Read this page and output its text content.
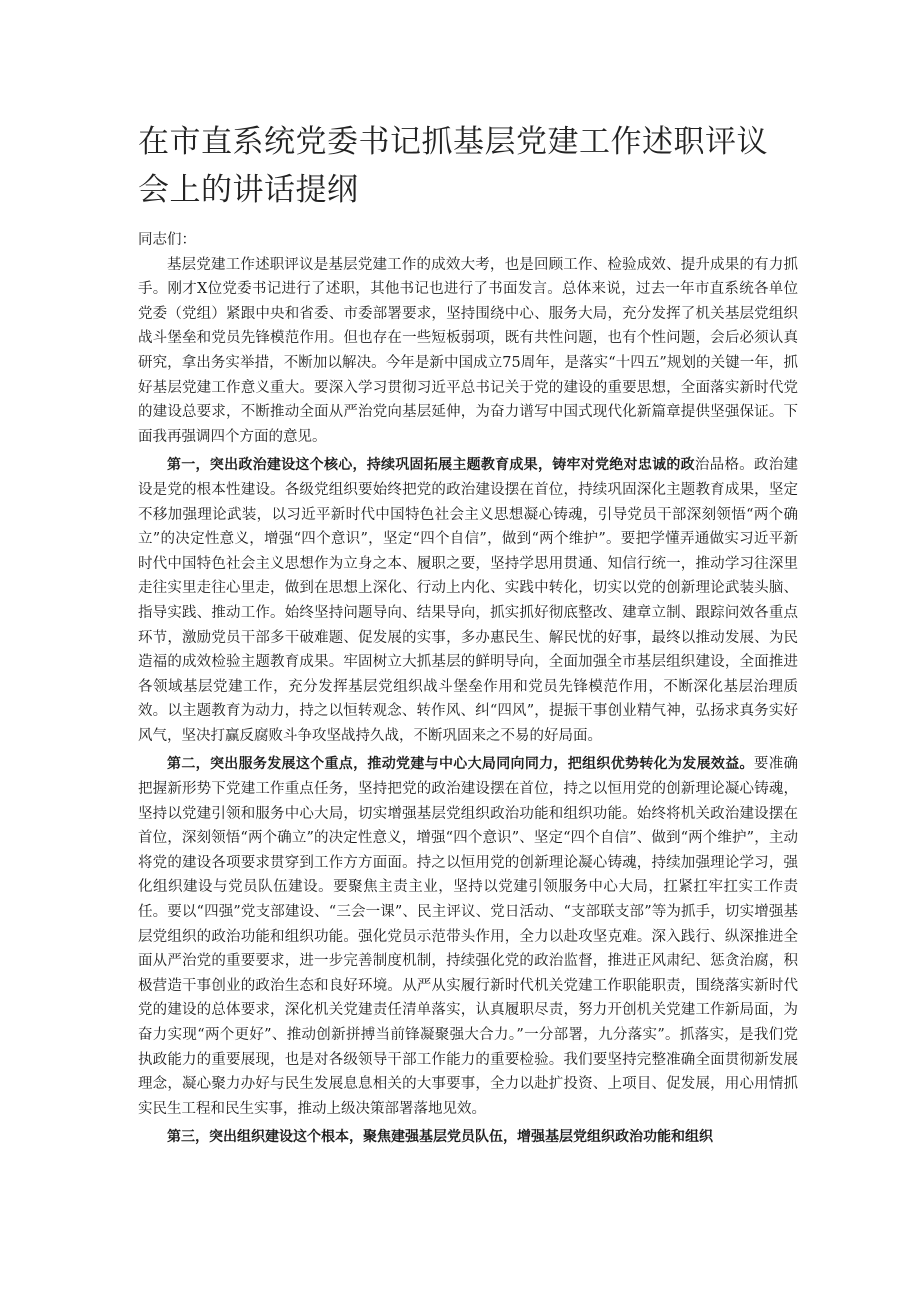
在市直系统党委书记抓基层党建工作述职评议会上的讲话提纲

同志们：

基层党建工作述职评议是基层党建工作的成效大考，也是回顾工作、检验成效、提升成果的有力抓手。刚才X位党委书记进行了述职，其他书记也进行了书面发言。总体来说，过去一年市直系统各单位党委（党组）紧跟中央和省委、市委部署要求，坚持围绕中心、服务大局，充分发挥了机关基层党组织战斗堡垒和党员先锋模范作用。但也存在一些短板弱项，既有共性问题，也有个性问题，会后必须认真研究，拿出务实举措，不断加以解决。今年是新中国成立75周年，是落实“十四五”规划的关键一年，抓好基层党建工作意义重大。要深入学习贯彻习近平总书记关于党的建设的重要思想，全面落实新时代党的建设总要求，不断推动全面从严治党向基层延伸，为奋力谱写中国式现代化新篇章提供坚强保证。下面我再强调四个方面的意见。

第一，突出政治建设这个核心，持续巩固拓展主题教育成果，铸牢对党绝对忠诚的政治品格。政治建设是党的根本性建设。各级党组织要始终把党的政治建设摆在首位，持续巩固深化主题教育成果，坚定不移加强理论武装，以习近平新时代中国特色社会主义思想凝心铸魂，引导党员干部深刻领悟“两个确立”的决定性意义，增强“四个意识”，坚定“四个自信”，做到“两个维护”。要把学懂弄通做实习近平新时代中国特色社会主义思想作为立身之本、履职之要，坚持学思用贯通、知信行统一，推动学习往深里走往实里走往心里走，做到在思想上深化、行动上内化、实践中转化，切实以党的创新理论武装头脑、指导实践、推动工作。始终坚持问题导向、结果导向，抓实抓好彻底整改、建章立制、跟踪问效各重点环节，激励党员干部多干破难题、促发展的实事，多办惠民生、解民忧的好事，最终以推动发展、为民造福的成效检验主题教育成果。牢固树立大抓基层的鲜明导向，全面加强全市基层组织建设，全面推进各领域基层党建工作，充分发挥基层党组织战斗堡垒作用和党员先锋模范作用，不断深化基层治理质效。以主题教育为动力，持之以恒转观念、转作风、纠“四风”，提振干事创业精气神，弘扬求真务实好风气，坚决打赢反腐败斗争攻坚战持久战，不断巩固来之不易的好局面。

第二，突出服务发展这个重点，推动党建与中心大局同向同力，把组织优势转化为发展效益。要准确把握新形势下党建工作重点任务，坚持把党的政治建设摆在首位，持之以恒用党的创新理论凝心铸魂，坚持以党建引领和服务中心大局，切实增强基层党组织政治功能和组织功能。始终将机关政治建设摆在首位，深刻领悟“两个确立”的决定性意义，增强“四个意识”、坚定“四个自信”、做到“两个维护”，主动将党的建设各项要求贯穿到工作方方面面。持之以恒用党的创新理论凝心铸魂，持续加强理论学习，强化组织建设与党员队伍建设。要聚焦主责主业，坚持以党建引领服务中心大局，扛紧扛牢扛实工作责任。要以“四强”党支部建设、“三会一课”、民主评议、党日活动、“支部联支部”等为抓手，切实增强基层党组织的政治功能和组织功能。强化党员示范带头作用，全力以赴攻坚克难。深入践行、纵深推进全面从严治党的重要要求，进一步完善制度机制，持续强化党的政治监督，推进正风肃纪、惩贪治腐，积极营造干事创业的政治生态和良好环境。从严从实履行新时代机关党建工作职能职责，围绕落实新时代党的建设的总体要求，深化机关党建责任清单落实，认真履职尽责，努力开创机关党建工作新局面，为奋力实现“两个更好”、推动创新拼搏当前锋凝聚强大合力。”一分部署，九分落实”。抓落实，是我们党执政能力的重要展现，也是对各级领导干部工作能力的重要检验。我们要坚持完整准确全面贯彻新发展理念，凝心聚力办好与民生发展息息相关的大事要事，全力以赴扩投资、上项目、促发展，用心用情抓实民生工程和民生实事，推动上级决策部署落地见效。

第三，突出组织建设这个根本，聚焦建强基层党员队伍，增强基层党组织政治功能和组织
